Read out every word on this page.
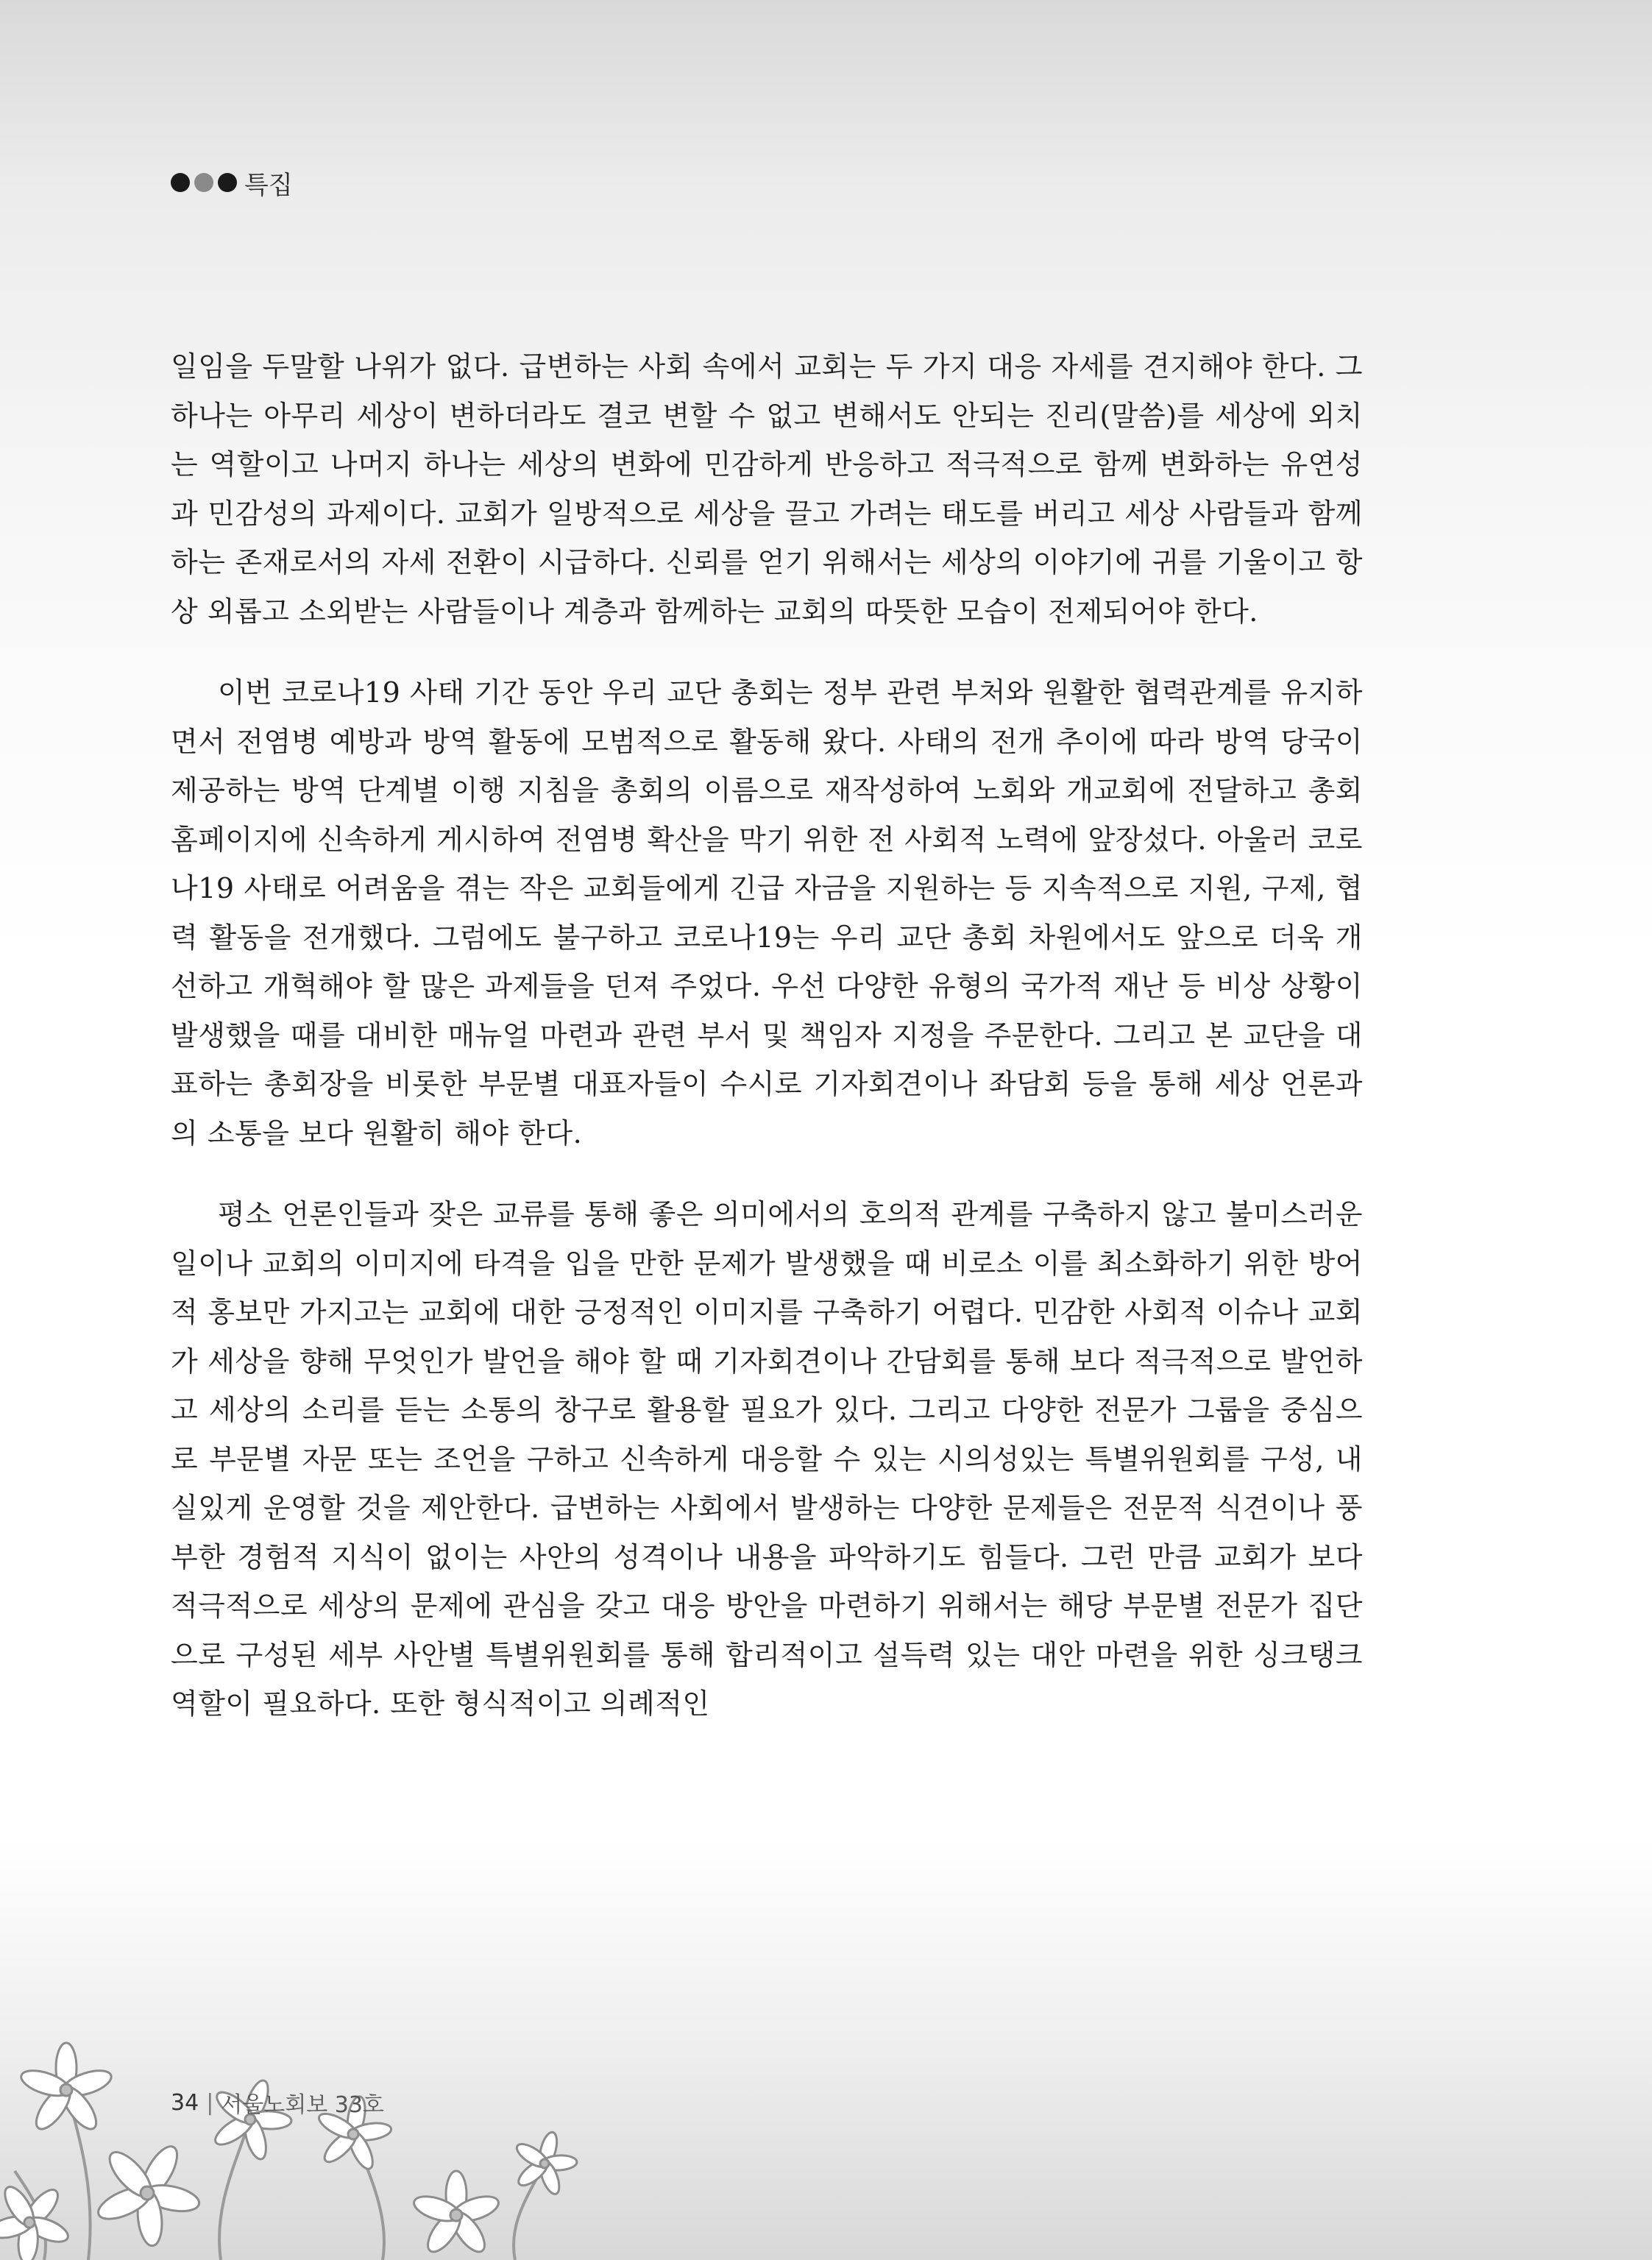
특집

일임을 두말할 나위가 없다. 급변하는 사회 속에서 교회는 두 가지 대응 자세를 견지해야 한다. 그 하나는 아무리 세상이 변하더라도 결코 변할 수 없고 변해서도 안되는 진리(말씀)를 세상에 외치는 역할이고 나머지 하나는 세상의 변화에 민감하게 반응하고 적극적으로 함께 변화하는 유연성과 민감성의 과제이다. 교회가 일방적으로 세상을 끌고 가려는 태도를 버리고 세상 사람들과 함께 하는 존재로서의 자세 전환이 시급하다. 신뢰를 얻기 위해서는 세상의 이야기에 귀를 기울이고 항상 외롭고 소외받는 사람들이나 계층과 함께하는 교회의 따뜻한 모습이 전제되어야 한다.

이번 코로나19 사태 기간 동안 우리 교단 총회는 정부 관련 부처와 원활한 협력관계를 유지하면서 전염병 예방과 방역 활동에 모범적으로 활동해 왔다. 사태의 전개 추이에 따라 방역 당국이 제공하는 방역 단계별 이행 지침을 총회의 이름으로 재작성하여 노회와 개교회에 전달하고 총회 홈페이지에 신속하게 게시하여 전염병 확산을 막기 위한 전 사회적 노력에 앞장섰다. 아울러 코로나19 사태로 어려움을 겪는 작은 교회들에게 긴급 자금을 지원하는 등 지속적으로 지원, 구제, 협력 활동을 전개했다. 그럼에도 불구하고 코로나19는 우리 교단 총회 차원에서도 앞으로 더욱 개선하고 개혁해야 할 많은 과제들을 던져 주었다. 우선 다양한 유형의 국가적 재난 등 비상 상황이 발생했을 때를 대비한 매뉴얼 마련과 관련 부서 및 책임자 지정을 주문한다. 그리고 본 교단을 대표하는 총회장을 비롯한 부문별 대표자들이 수시로 기자회견이나 좌담회 등을 통해 세상 언론과의 소통을 보다 원활히 해야 한다.

평소 언론인들과 잦은 교류를 통해 좋은 의미에서의 호의적 관계를 구축하지 않고 불미스러운 일이나 교회의 이미지에 타격을 입을 만한 문제가 발생했을 때 비로소 이를 최소화하기 위한 방어적 홍보만 가지고는 교회에 대한 긍정적인 이미지를 구축하기 어렵다. 민감한 사회적 이슈나 교회가 세상을 향해 무엇인가 발언을 해야 할 때 기자회견이나 간담회를 통해 보다 적극적으로 발언하고 세상의 소리를 듣는 소통의 창구로 활용할 필요가 있다. 그리고 다양한 전문가 그룹을 중심으로 부문별 자문 또는 조언을 구하고 신속하게 대응할 수 있는 시의성있는 특별위원회를 구성, 내실있게 운영할 것을 제안한다. 급변하는 사회에서 발생하는 다양한 문제들은 전문적 식견이나 풍부한 경험적 지식이 없이는 사안의 성격이나 내용을 파악하기도 힘들다. 그런 만큼 교회가 보다 적극적으로 세상의 문제에 관심을 갖고 대응 방안을 마련하기 위해서는 해당 부문별 전문가 집단으로 구성된 세부 사안별 특별위원회를 통해 합리적이고 설득력 있는 대안 마련을 위한 싱크탱크 역할이 필요하다. 또한 형식적이고 의례적인

34 | 서울노회보 33호
